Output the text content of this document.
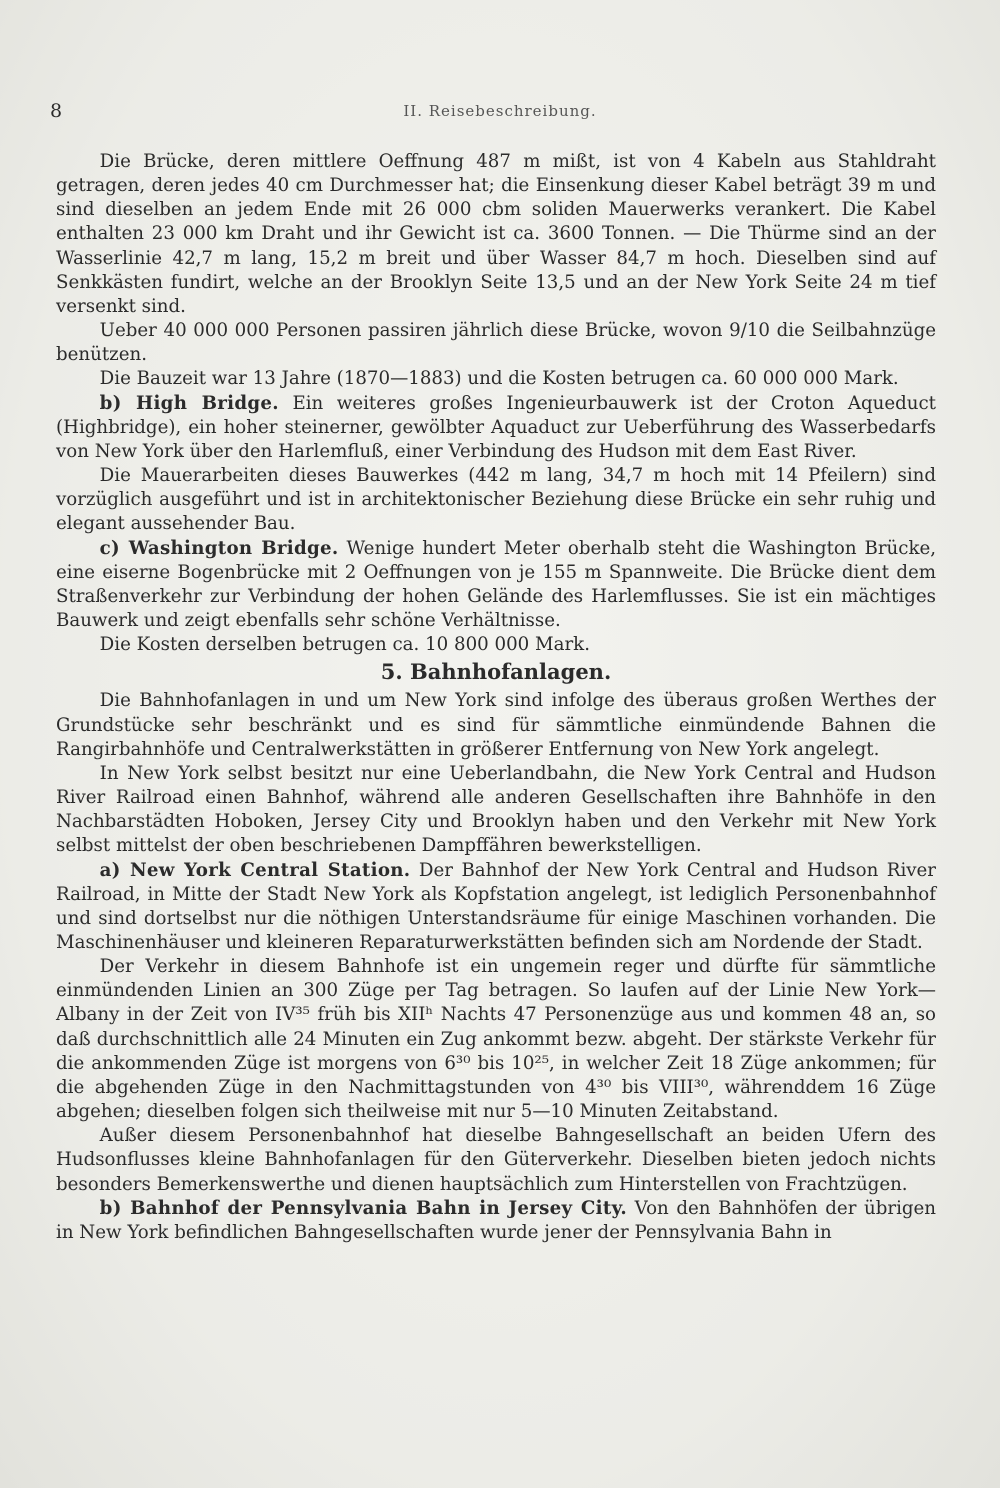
8	II. Reisebeschreibung.

Die Brücke, deren mittlere Oeffnung 487 m mißt, ist von 4 Kabeln aus Stahldraht getragen, deren jedes 40 cm Durchmesser hat; die Einsenkung dieser Kabel beträgt 39 m und sind dieselben an jedem Ende mit 26 000 cbm soliden Mauerwerks verankert. Die Kabel enthalten 23 000 km Draht und ihr Gewicht ist ca. 3600 Tonnen. — Die Thürme sind an der Wasserlinie 42,7 m lang, 15,2 m breit und über Wasser 84,7 m hoch. Dieselben sind auf Senkkästen fundirt, welche an der Brooklyn Seite 13,5 und an der New York Seite 24 m tief versenkt sind.

Ueber 40 000 000 Personen passiren jährlich diese Brücke, wovon 9/10 die Seilbahnzüge benützen.

Die Bauzeit war 13 Jahre (1870—1883) und die Kosten betrugen ca. 60 000 000 Mark.

b) High Bridge. Ein weiteres großes Ingenieurbauwerk ist der Croton Aqueduct (Highbridge), ein hoher steinerner, gewölbter Aquaduct zur Ueberführung des Wasserbedarfs von New York über den Harlemfluß, einer Verbindung des Hudson mit dem East River.

Die Mauerarbeiten dieses Bauwerkes (442 m lang, 34,7 m hoch mit 14 Pfeilern) sind vorzüglich ausgeführt und ist in architektonischer Beziehung diese Brücke ein sehr ruhig und elegant aussehender Bau.

c) Washington Bridge. Wenige hundert Meter oberhalb steht die Washington Brücke, eine eiserne Bogenbrücke mit 2 Oeffnungen von je 155 m Spannweite. Die Brücke dient dem Straßenverkehr zur Verbindung der hohen Gelände des Harlemflusses. Sie ist ein mächtiges Bauwerk und zeigt ebenfalls sehr schöne Verhältnisse.

Die Kosten derselben betrugen ca. 10 800 000 Mark.

5. Bahnhofanlagen.

Die Bahnhofanlagen in und um New York sind infolge des überaus großen Werthes der Grundstücke sehr beschränkt und es sind für sämmtliche einmündende Bahnen die Rangirbahnhöfe und Centralwerkstätten in größerer Entfernung von New York angelegt.

In New York selbst besitzt nur eine Ueberlandbahn, die New York Central and Hudson River Railroad einen Bahnhof, während alle anderen Gesellschaften ihre Bahnhöfe in den Nachbarstädten Hoboken, Jersey City und Brooklyn haben und den Verkehr mit New York selbst mittelst der oben beschriebenen Dampffähren bewerkstelligen.

a) New York Central Station. Der Bahnhof der New York Central and Hudson River Railroad, in Mitte der Stadt New York als Kopfstation angelegt, ist lediglich Personenbahnhof und sind dortselbst nur die nöthigen Unterstandsräume für einige Maschinen vorhanden. Die Maschinenhäuser und kleineren Reparaturwerkstätten befinden sich am Nordende der Stadt.

Der Verkehr in diesem Bahnhofe ist ein ungemein reger und dürfte für sämmtliche einmündenden Linien an 300 Züge per Tag betragen. So laufen auf der Linie New York—Albany in der Zeit von IV³⁵ früh bis XIIʰ Nachts 47 Personenzüge aus und kommen 48 an, so daß durchschnittlich alle 24 Minuten ein Zug ankommt bezw. abgeht. Der stärkste Verkehr für die ankommenden Züge ist morgens von 6³⁰ bis 10²⁵, in welcher Zeit 18 Züge ankommen; für die abgehenden Züge in den Nachmittagstunden von 4³⁰ bis VIII³⁰, währenddem 16 Züge abgehen; dieselben folgen sich theilweise mit nur 5—10 Minuten Zeitabstand.

Außer diesem Personenbahnhof hat dieselbe Bahngesellschaft an beiden Ufern des Hudsonflusses kleine Bahnhofanlagen für den Güterverkehr. Dieselben bieten jedoch nichts besonders Bemerkenswerthe und dienen hauptsächlich zum Hinterstellen von Frachtzügen.

b) Bahnhof der Pennsylvania Bahn in Jersey City. Von den Bahnhöfen der übrigen in New York befindlichen Bahngesellschaften wurde jener der Pennsylvania Bahn in
